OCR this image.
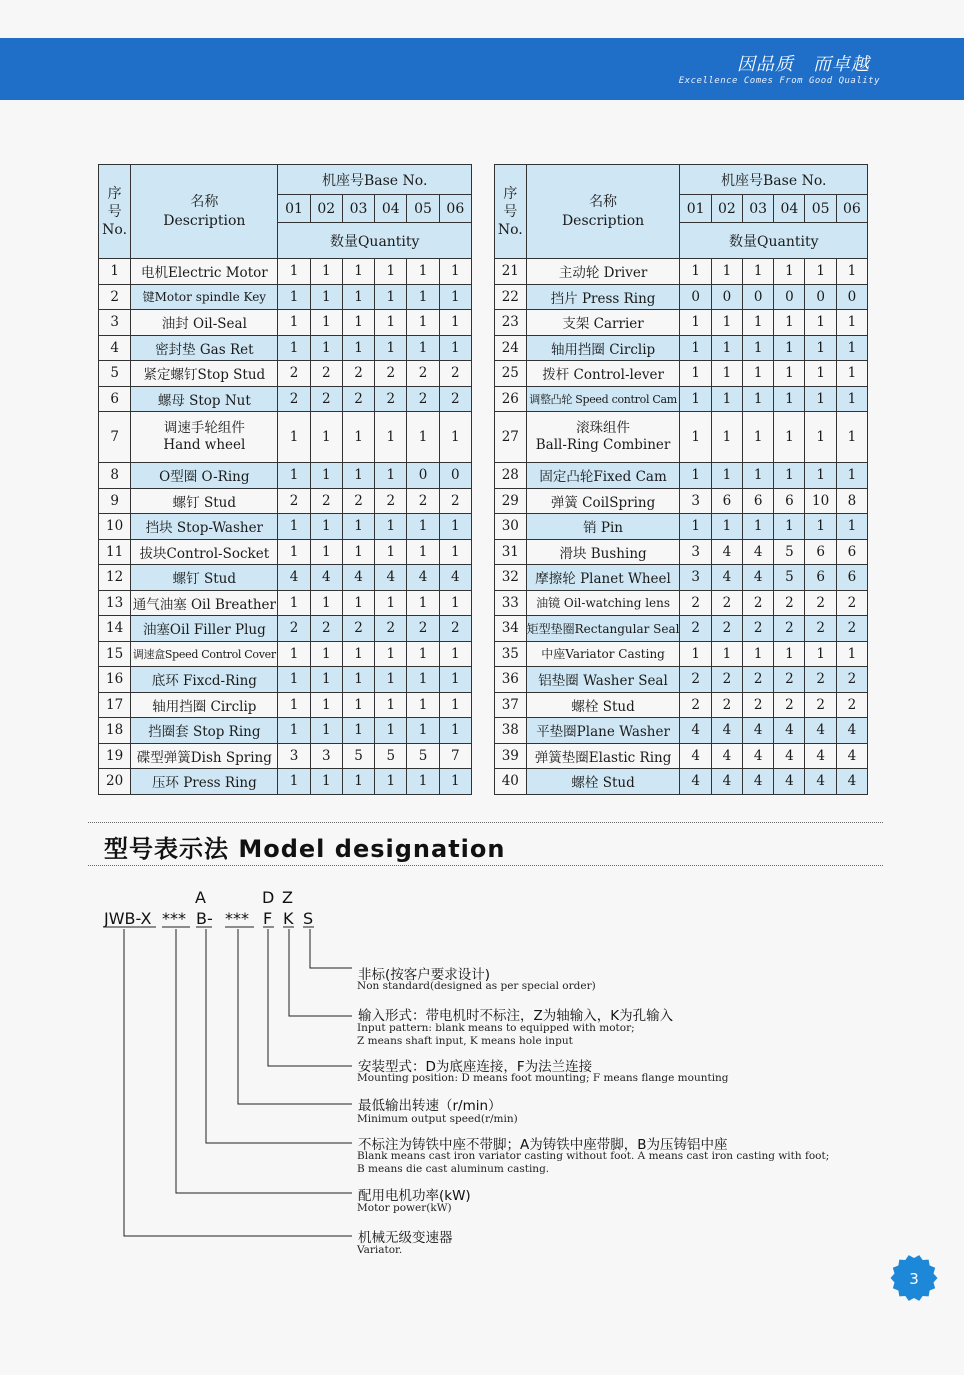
因品质　而卓越
Excellence Comes From Good Quality
序
号
No.	名称
Description	机座号Base No.					
		01	02	03	04	05	06
		数量Quantity					
1	电机Electric Motor	1	1	1	1	1	1
2	键Motor spindle Key	1	1	1	1	1	1
3	油封 Oil-Seal	1	1	1	1	1	1
4	密封垫 Gas Ret	1	1	1	1	1	1
5	紧定螺钉Stop Stud	2	2	2	2	2	2
6	螺母 Stop Nut	2	2	2	2	2	2
7	调速手轮组件
Hand wheel	1	1	1	1	1	1
8	O型圈 O-Ring	1	1	1	1	0	0
9	螺钉 Stud	2	2	2	2	2	2
10	挡块 Stop-Washer	1	1	1	1	1	1
11	拔块Control-Socket	1	1	1	1	1	1
12	螺钉 Stud	4	4	4	4	4	4
13	通气油塞 Oil Breather	1	1	1	1	1	1
14	油塞Oil Filler Plug	2	2	2	2	2	2
15	调速盒Speed Control Cover	1	1	1	1	1	1
16	底环 Fixcd-Ring	1	1	1	1	1	1
17	轴用挡圈 Circlip	1	1	1	1	1	1
18	挡圈套 Stop Ring	1	1	1	1	1	1
19	碟型弹簧Dish Spring	3	3	5	5	5	7
20	压环 Press Ring	1	1	1	1	1	1
序
号
No.	名称
Description	机座号Base No.					
		01	02	03	04	05	06
		数量Quantity					
21	主动轮 Driver	1	1	1	1	1	1
22	挡片 Press Ring	0	0	0	0	0	0
23	支架 Carrier	1	1	1	1	1	1
24	轴用挡圈 Circlip	1	1	1	1	1	1
25	拨杆 Control-lever	1	1	1	1	1	1
26	调整凸轮 Speed control Cam	1	1	1	1	1	1
27	滚珠组件
Ball-Ring Combiner	1	1	1	1	1	1
28	固定凸轮Fixed Cam	1	1	1	1	1	1
29	弹簧 CoilSpring	3	6	6	6	10	8
30	销 Pin	1	1	1	1	1	1
31	滑块 Bushing	3	4	4	5	6	6
32	摩擦轮 Planet Wheel	3	4	4	5	6	6
33	油镜 Oil-watching lens	2	2	2	2	2	2
34	矩型垫圈Rectangular Seal	2	2	2	2	2	2
35	中座Variator Casting	1	1	1	1	1	1
36	铝垫圈 Washer Seal	2	2	2	2	2	2
37	螺栓 Stud	2	2	2	2	2	2
38	平垫圈Plane Washer	4	4	4	4	4	4
39	弹簧垫圈Elastic Ring	4	4	4	4	4	4
40	螺栓 Stud	4	4	4	4	4	4
型号表示法 Model designation
A	D Z
JWB-X *** B- *** F K S
非标(按客户要求设计)
Non standard(designed as per special order)
输入形式：带电机时不标注，Z为轴输入，K为孔输入
Input pattern: blank means to equipped with motor;
Z means shaft input, K means hole input
安装型式：D为底座连接，F为法兰连接
Mounting position: D means foot mounting; F means flange mounting
最低输出转速（r/min）
Minimum output speed(r/min)
不标注为铸铁中座不带脚；A为铸铁中座带脚，B为压铸铝中座
Blank means cast iron variator casting without foot. A means cast iron casting with foot;
B means die cast aluminum casting.
配用电机功率(kW)
Motor power(kW)
机械无级变速器
Variator.
3
